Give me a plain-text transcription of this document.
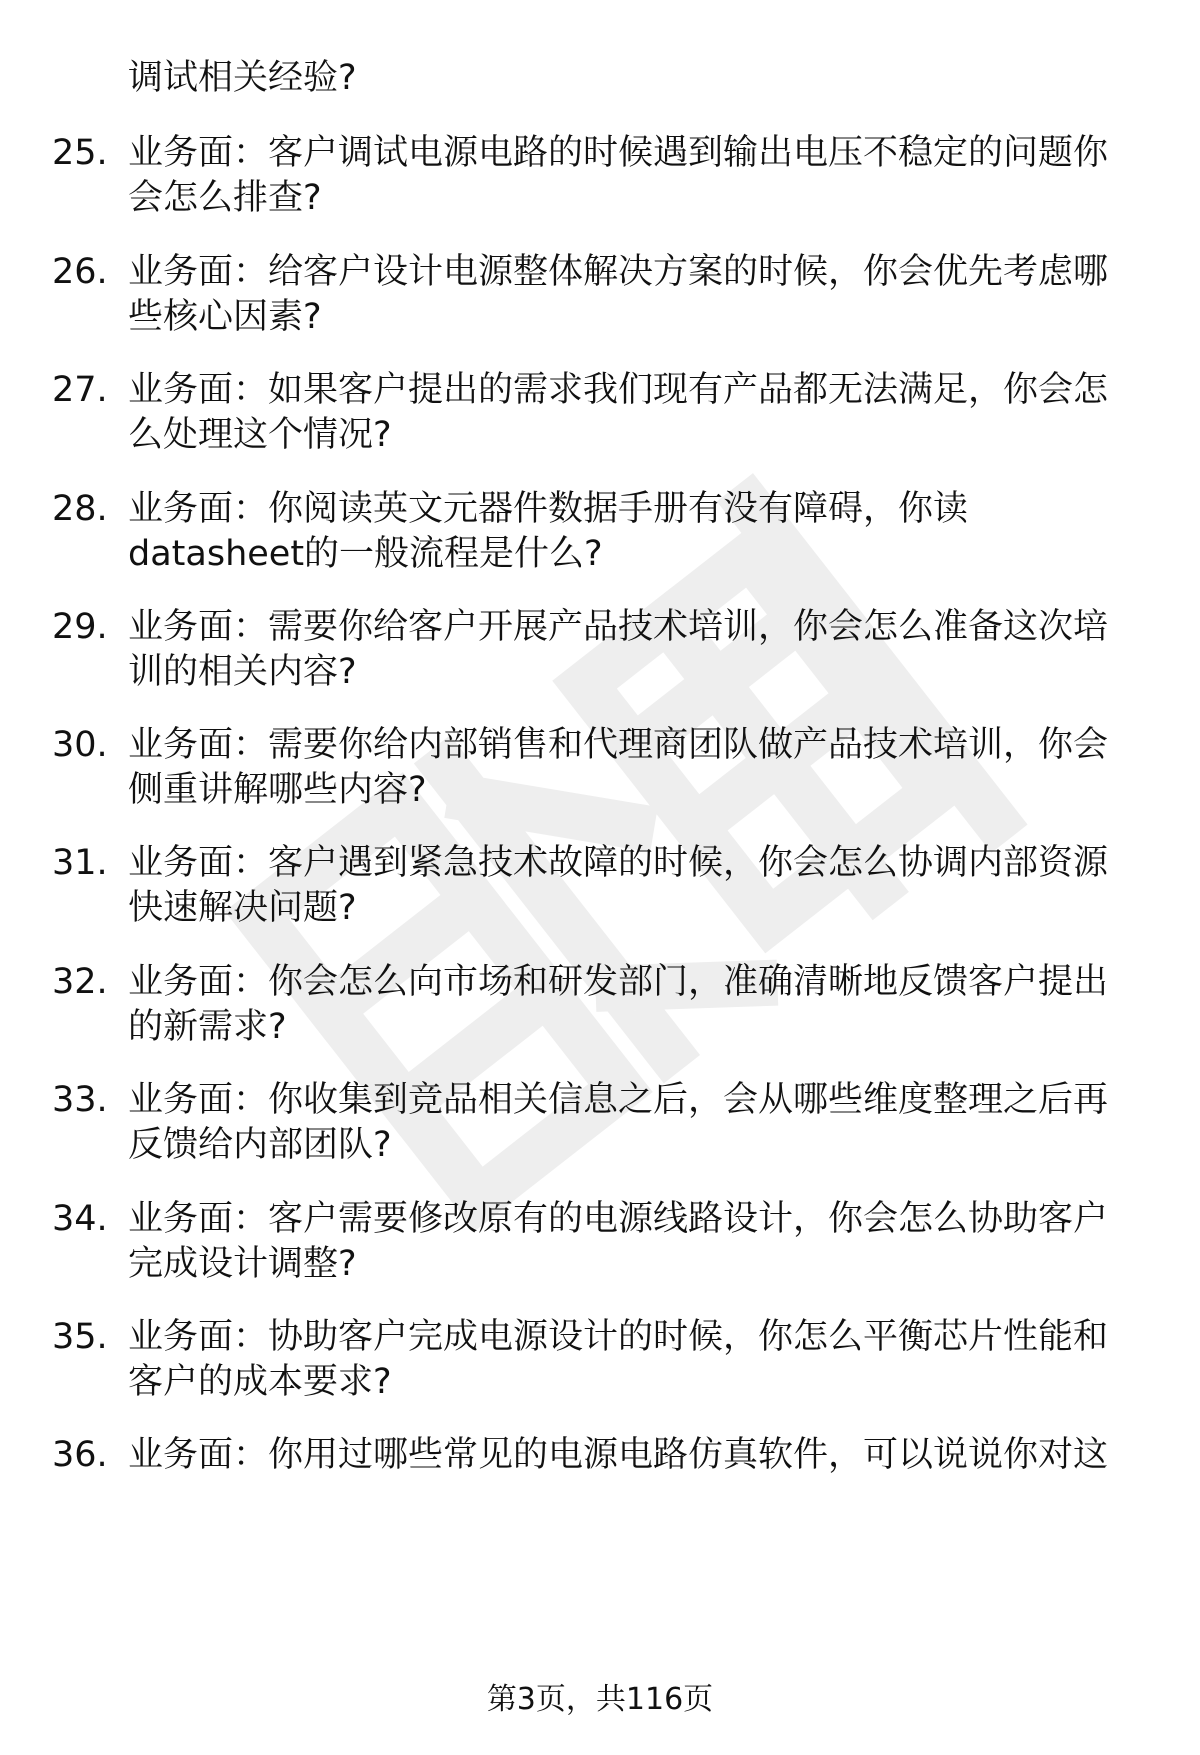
调试相关经验?
25. 业务面：客户调试电源电路的时候遇到输出电压不稳定的问题你
会怎么排查?
26. 业务面：给客户设计电源整体解决方案的时候，你会优先考虑哪
些核心因素?
27. 业务面：如果客户提出的需求我们现有产品都无法满足，你会怎
么处理这个情况?
28. 业务面：你阅读英文元器件数据手册有没有障碍，你读
datasheet的一般流程是什么?
29. 业务面：需要你给客户开展产品技术培训，你会怎么准备这次培
训的相关内容?
30. 业务面：需要你给内部销售和代理商团队做产品技术培训，你会
侧重讲解哪些内容?
31. 业务面：客户遇到紧急技术故障的时候，你会怎么协调内部资源
快速解决问题?
32. 业务面：你会怎么向市场和研发部门，准确清晰地反馈客户提出
的新需求?
33. 业务面：你收集到竞品相关信息之后，会从哪些维度整理之后再
反馈给内部团队?
34. 业务面：客户需要修改原有的电源线路设计，你会怎么协助客户
完成设计调整?
35. 业务面：协助客户完成电源设计的时候，你怎么平衡芯片性能和
客户的成本要求?
36. 业务面：你用过哪些常见的电源电路仿真软件，可以说说你对这
第3页，共116页
